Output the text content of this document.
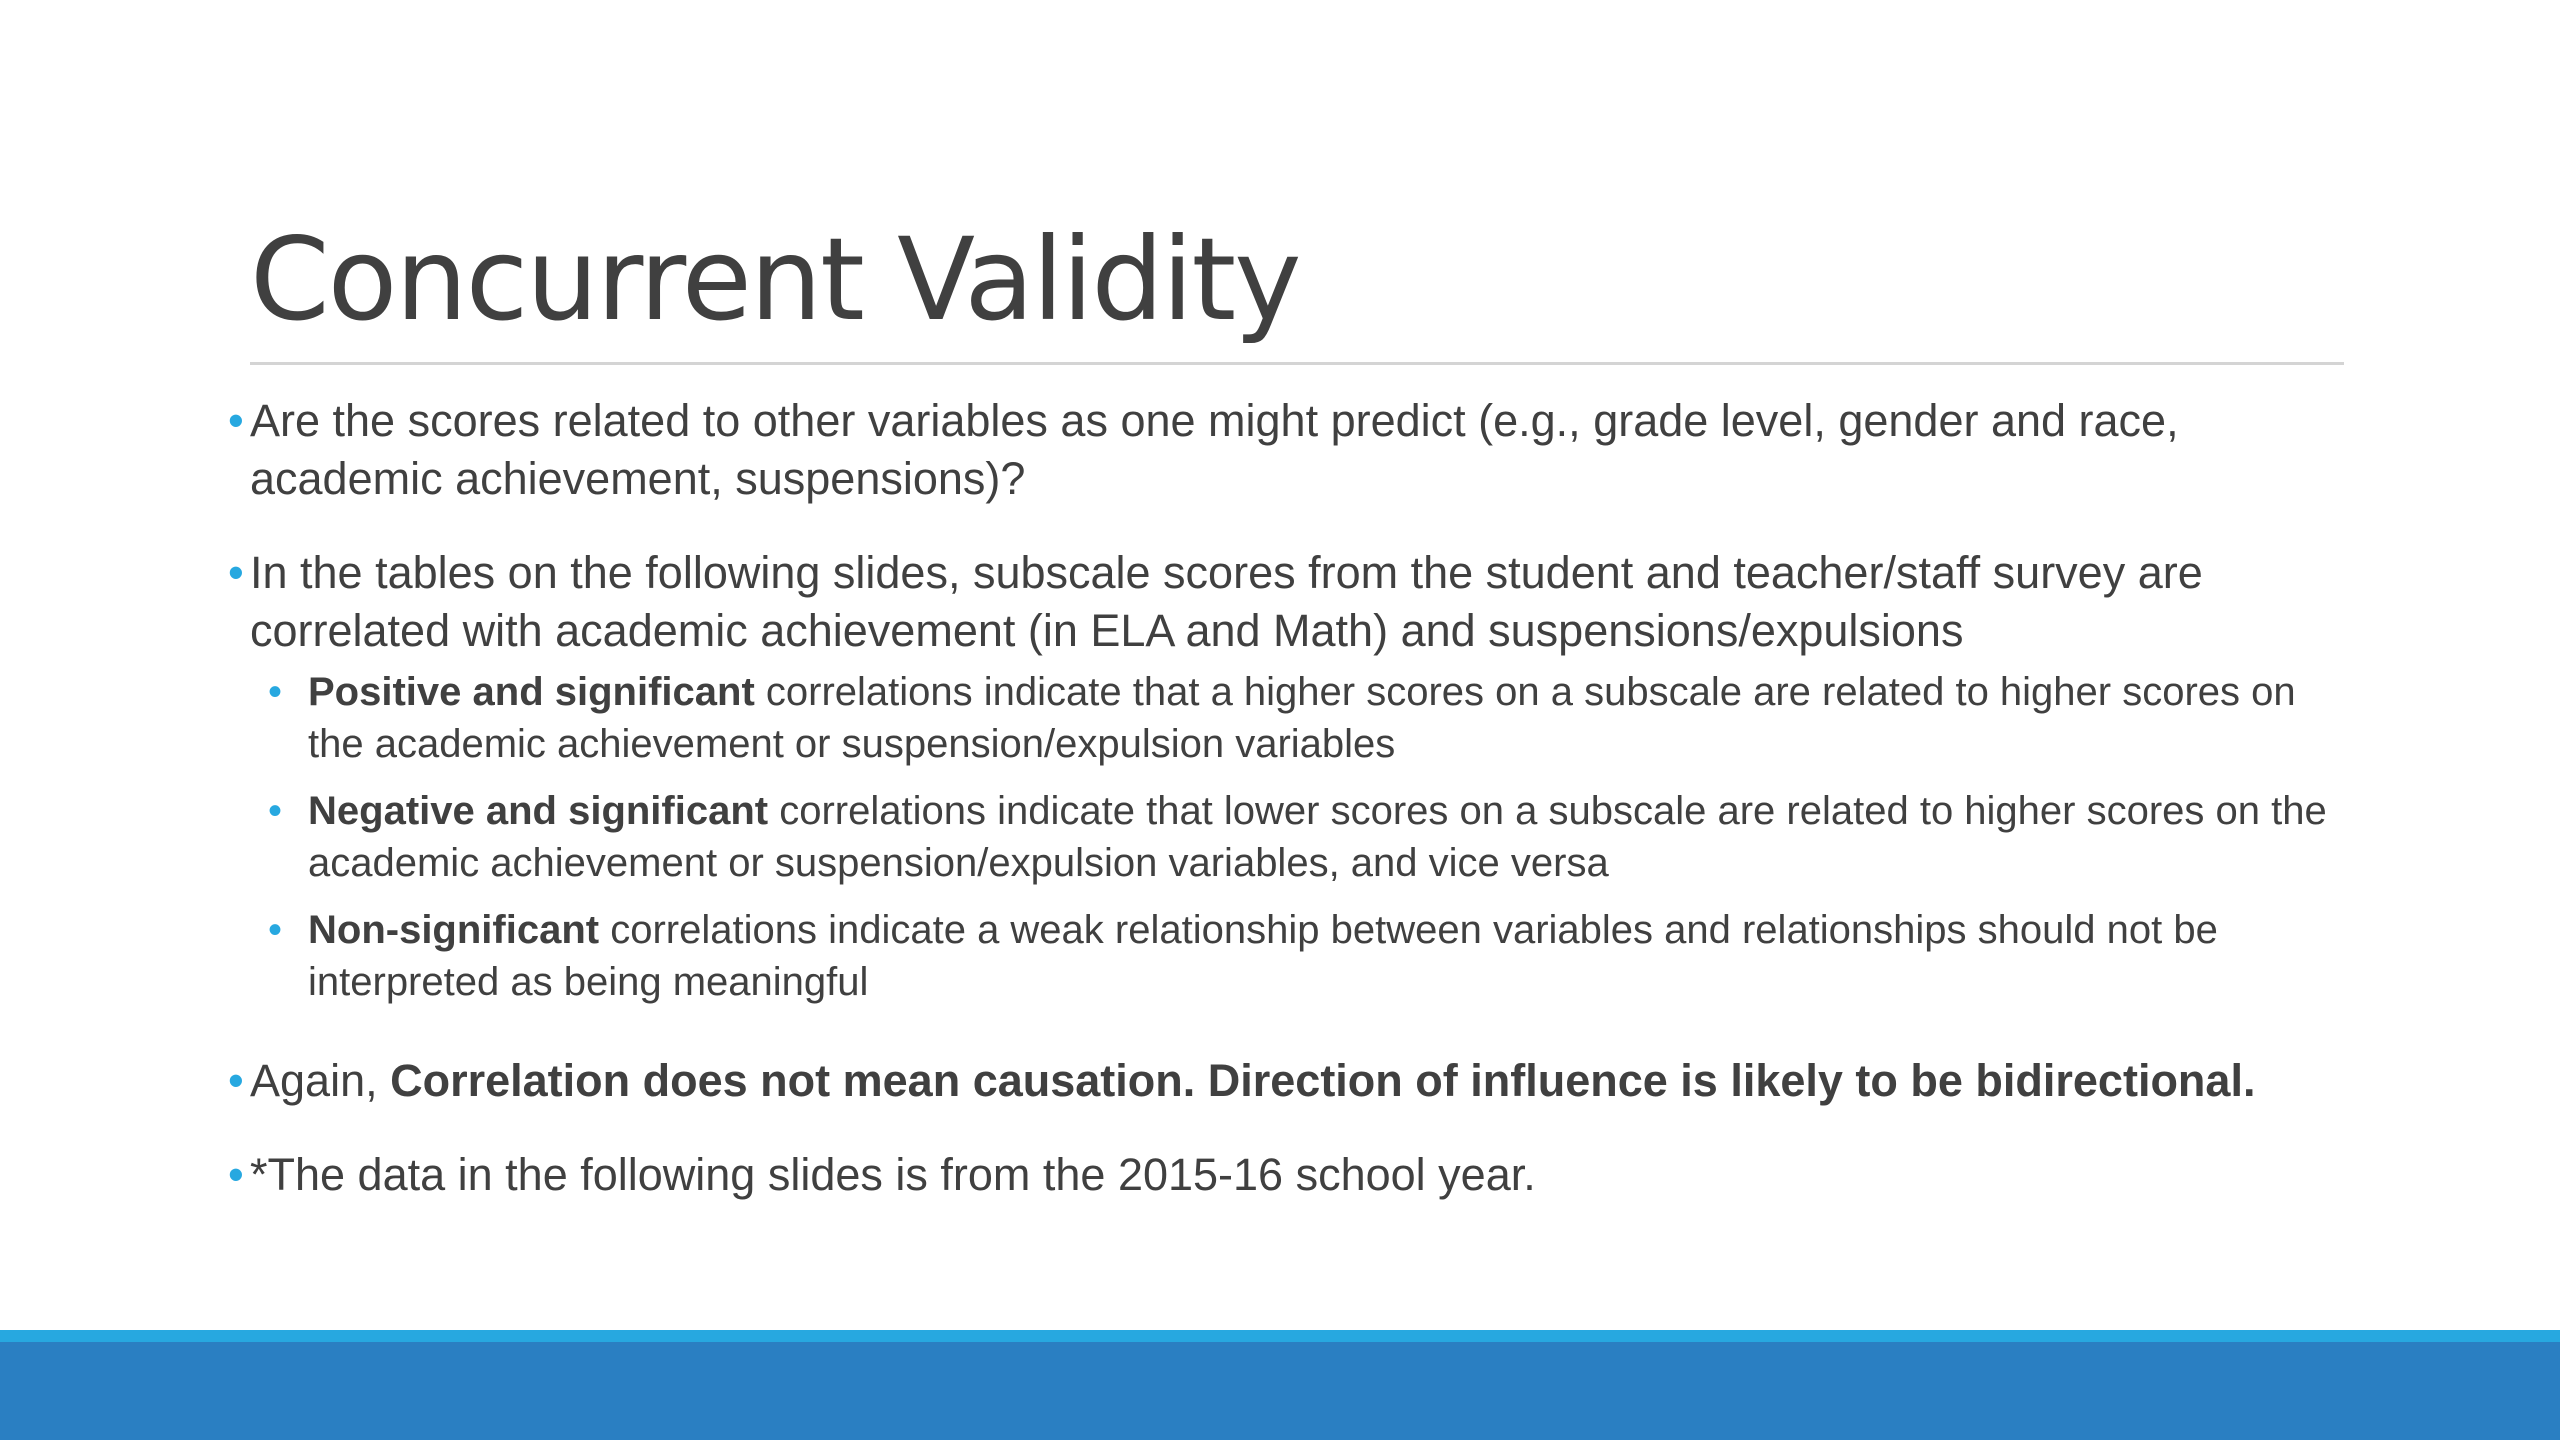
Concurrent Validity
• Are the scores related to other variables as one might predict (e.g., grade level, gender and race, academic achievement, suspensions)?
• In the tables on the following slides, subscale scores from the student and teacher/staff survey are correlated with academic achievement (in ELA and Math) and suspensions/expulsions
• Positive and significant correlations indicate that a higher scores on a subscale are related to higher scores on the academic achievement or suspension/expulsion variables
• Negative and significant correlations indicate that lower scores on a subscale are related to higher scores on the academic achievement or suspension/expulsion variables, and vice versa
• Non-significant correlations indicate a weak relationship between variables and relationships should not be interpreted as being meaningful
• Again, Correlation does not mean causation. Direction of influence is likely to be bidirectional.
• *The data in the following slides is from the 2015-16 school year.
